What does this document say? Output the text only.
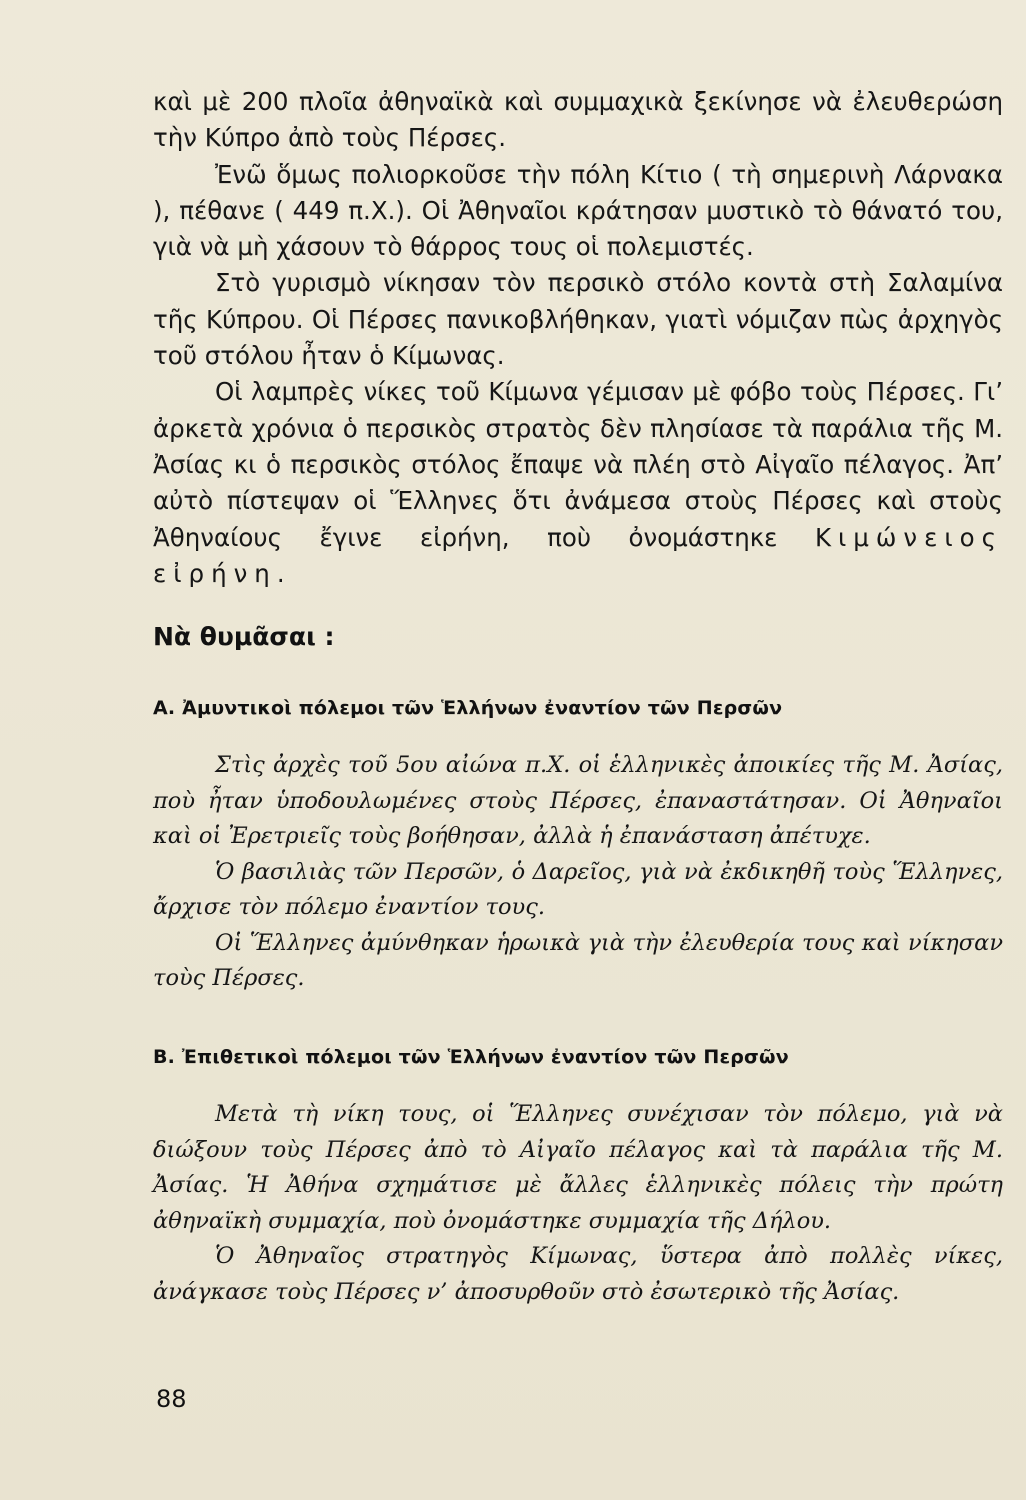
καὶ μὲ 200 πλοῖα ἀθηναϊκὰ καὶ συμμαχικὰ ξεκίνησε νὰ ἐλευθερώση τὴν Κύπρο ἀπὸ τοὺς Πέρσες.

Ἐνῶ ὅμως πολιορκοῦσε τὴν πόλη Κίτιο ( τὴ σημερινὴ Λάρνακα ), πέθανε ( 449 π.Χ.). Οἱ Ἀθηναῖοι κράτησαν μυστικὸ τὸ θάνατό του, γιὰ νὰ μὴ χάσουν τὸ θάρρος τους οἱ πολεμιστές.

Στὸ γυρισμὸ νίκησαν τὸν περσικὸ στόλο κοντὰ στὴ Σαλαμίνα τῆς Κύπρου. Οἱ Πέρσες πανικοβλήθηκαν, γιατὶ νόμιζαν πὼς ἀρχηγὸς τοῦ στόλου ἦταν ὁ Κίμωνας.

Οἱ λαμπρὲς νίκες τοῦ Κίμωνα γέμισαν μὲ φόβο τοὺς Πέρσες. Γι’ ἀρκετὰ χρόνια ὁ περσικὸς στρατὸς δὲν πλησίασε τὰ παράλια τῆς Μ. Ἀσίας κι ὁ περσικὸς στόλος ἔπαψε νὰ πλέη στὸ Αἰγαῖο πέλαγος. Ἀπ’ αὐτὸ πίστεψαν οἱ Ἕλληνες ὅτι ἀνάμεσα στοὺς Πέρσες καὶ στοὺς Ἀθηναίους ἔγινε εἰρήνη, ποὺ ὀνομάστηκε Κιμώνειος εἰρήνη.

Νὰ θυμᾶσαι :

Α. Ἀμυντικοὶ πόλεμοι τῶν Ἑλλήνων ἐναντίον τῶν Περσῶν

Στὶς ἀρχὲς τοῦ 5ου αἰώνα π.Χ. οἱ ἑλληνικὲς ἀποικίες τῆς Μ. Ἀσίας, ποὺ ἦταν ὑποδουλωμένες στοὺς Πέρσες, ἐπαναστάτησαν. Οἱ Ἀθηναῖοι καὶ οἱ Ἐρετριεῖς τοὺς βοήθησαν, ἀλλὰ ἡ ἐπανάσταση ἀπέτυχε.

Ὁ βασιλιὰς τῶν Περσῶν, ὁ Δαρεῖος, γιὰ νὰ ἐκδικηθῆ τοὺς Ἕλληνες, ἄρχισε τὸν πόλεμο ἐναντίον τους.

Οἱ Ἕλληνες ἀμύνθηκαν ἡρωικὰ γιὰ τὴν ἐλευθερία τους καὶ νίκησαν τοὺς Πέρσες.

Β. Ἐπιθετικοὶ πόλεμοι τῶν Ἑλλήνων ἐναντίον τῶν Περσῶν

Μετὰ τὴ νίκη τους, οἱ Ἕλληνες συνέχισαν τὸν πόλεμο, γιὰ νὰ διώξουν τοὺς Πέρσες ἀπὸ τὸ Αἰγαῖο πέλαγος καὶ τὰ παράλια τῆς Μ. Ἀσίας. Ἡ Ἀθήνα σχημάτισε μὲ ἄλλες ἑλληνικὲς πόλεις τὴν πρώτη ἀθηναϊκὴ συμμαχία, ποὺ ὀνομάστηκε συμμαχία τῆς Δήλου.

Ὁ Ἀθηναῖος στρατηγὸς Κίμωνας, ὕστερα ἀπὸ πολλὲς νίκες, ἀνάγκασε τοὺς Πέρσες ν’ ἀποσυρθοῦν στὸ ἐσωτερικὸ τῆς Ἀσίας.

88
